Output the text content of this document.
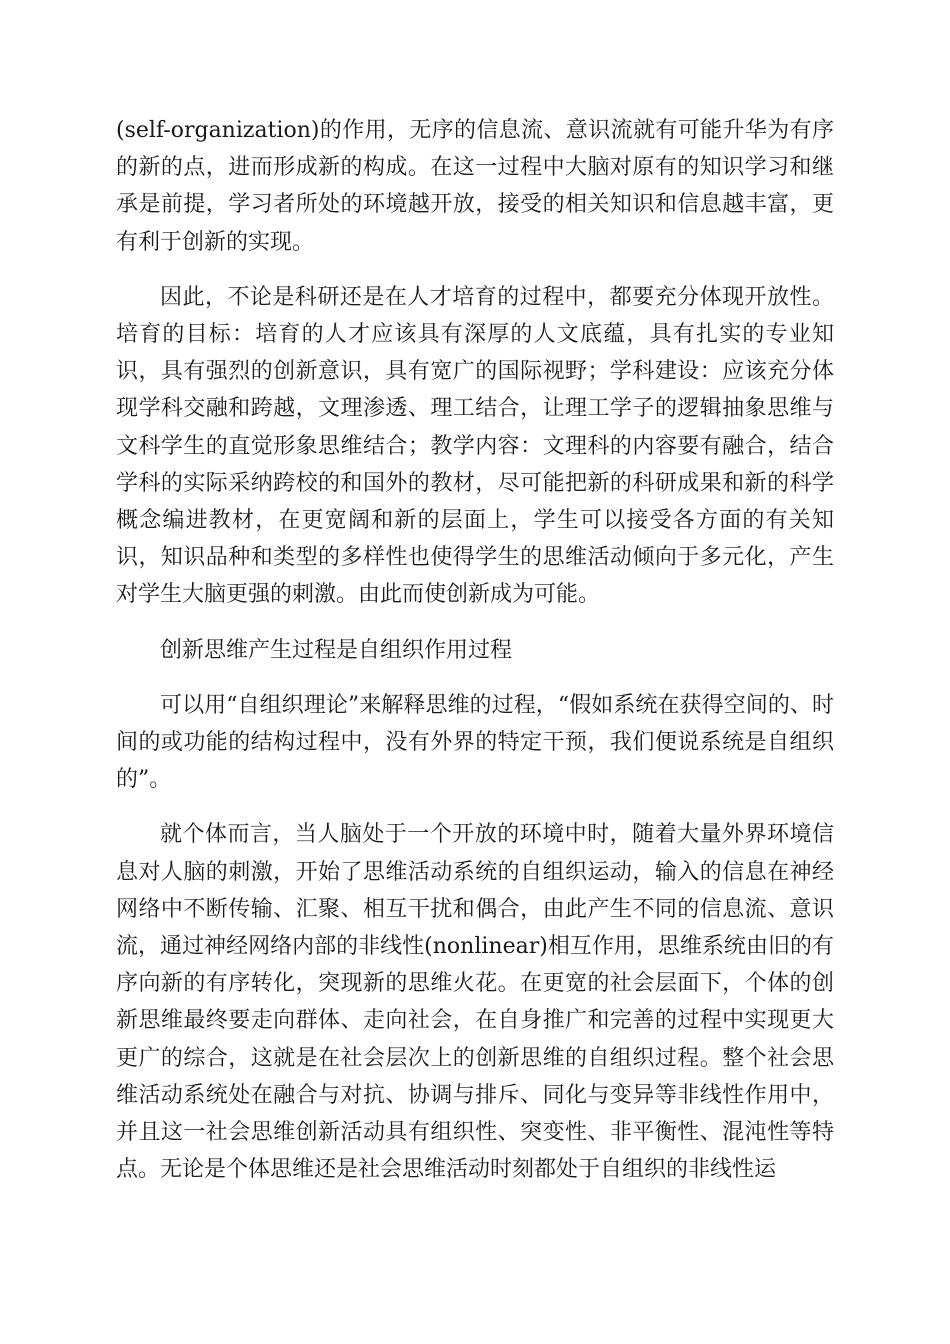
(self-organization)的作用，无序的信息流、意识流就有可能升华为有序的新的点，进而形成新的构成。在这一过程中大脑对原有的知识学习和继承是前提，学习者所处的环境越开放，接受的相关知识和信息越丰富，更有利于创新的实现。

因此，不论是科研还是在人才培育的过程中，都要充分体现开放性。培育的目标：培育的人才应该具有深厚的人文底蕴，具有扎实的专业知识，具有强烈的创新意识，具有宽广的国际视野；学科建设：应该充分体现学科交融和跨越，文理渗透、理工结合，让理工学子的逻辑抽象思维与文科学生的直觉形象思维结合；教学内容：文理科的内容要有融合，结合学科的实际采纳跨校的和国外的教材，尽可能把新的科研成果和新的科学概念编进教材，在更宽阔和新的层面上，学生可以接受各方面的有关知识，知识品种和类型的多样性也使得学生的思维活动倾向于多元化，产生对学生大脑更强的刺激。由此而使创新成为可能。

创新思维产生过程是自组织作用过程

可以用“自组织理论”来解释思维的过程，“假如系统在获得空间的、时间的或功能的结构过程中，没有外界的特定干预，我们便说系统是自组织的”。

就个体而言，当人脑处于一个开放的环境中时，随着大量外界环境信息对人脑的刺激，开始了思维活动系统的自组织运动，输入的信息在神经网络中不断传输、汇聚、相互干扰和偶合，由此产生不同的信息流、意识流，通过神经网络内部的非线性(nonlinear)相互作用，思维系统由旧的有序向新的有序转化，突现新的思维火花。在更宽的社会层面下，个体的创新思维最终要走向群体、走向社会，在自身推广和完善的过程中实现更大更广的综合，这就是在社会层次上的创新思维的自组织过程。整个社会思维活动系统处在融合与对抗、协调与排斥、同化与变异等非线性作用中，并且这一社会思维创新活动具有组织性、突变性、非平衡性、混沌性等特点。无论是个体思维还是社会思维活动时刻都处于自组织的非线性运
